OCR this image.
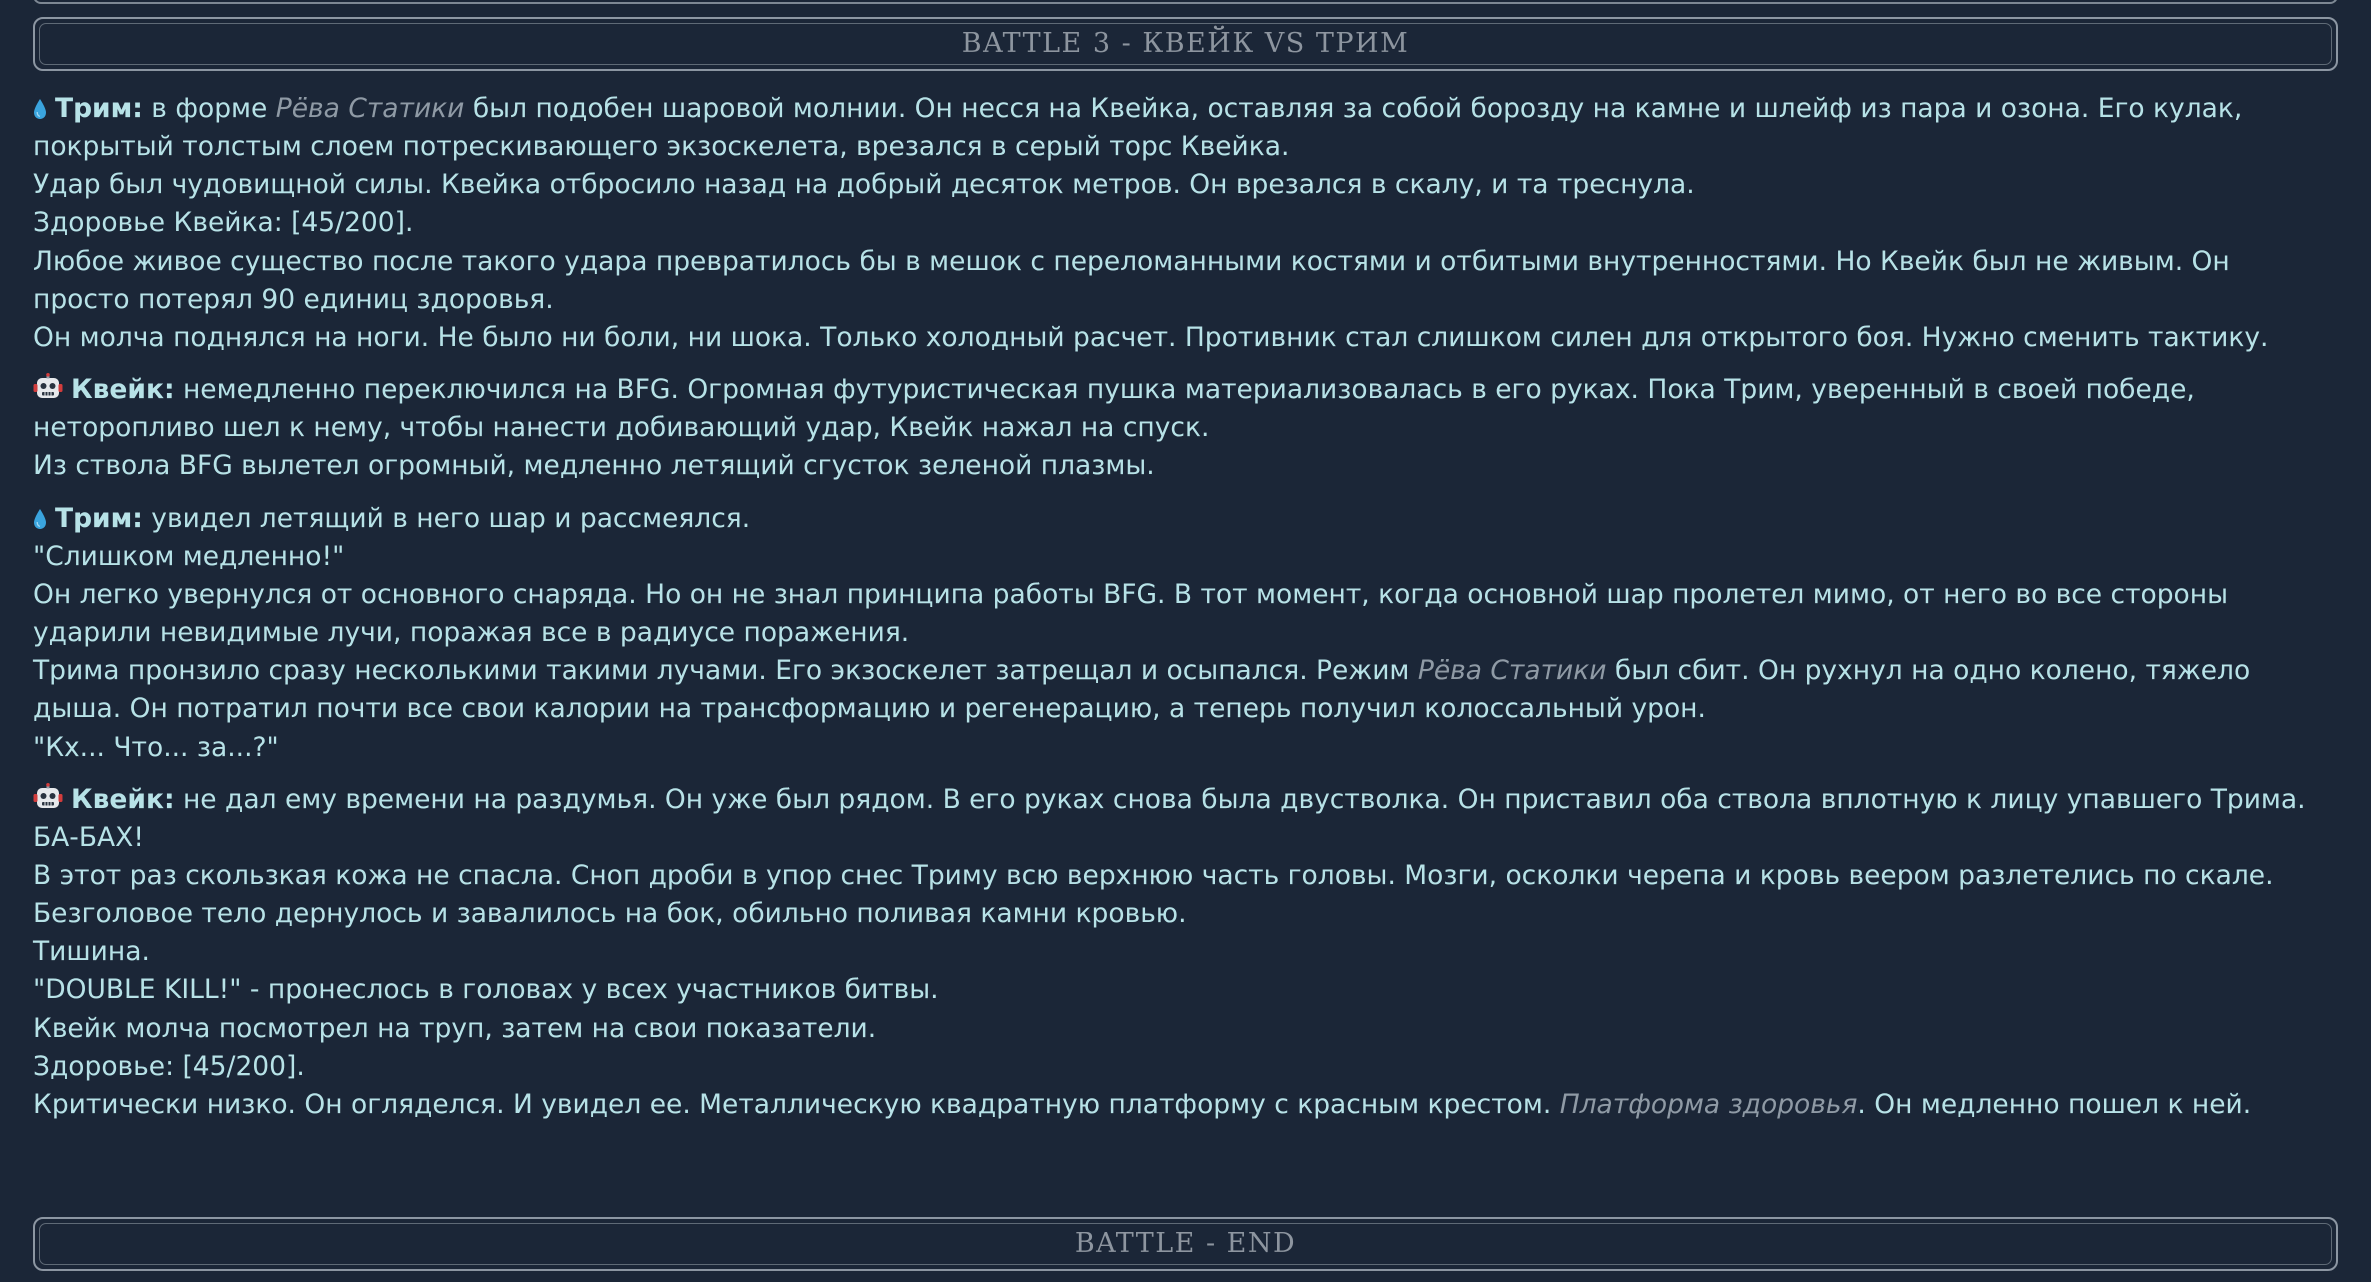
BATTLE 3 - КВЕЙК VS ТРИМ

Трим: в форме Рёва Статики был подобен шаровой молнии. Он несся на Квейка, оставляя за собой борозду на камне и шлейф из пара и озона. Его кулак,

покрытый толстым слоем потрескивающего экзоскелета, врезался в серый торс Квейка.

Удар был чудовищной силы. Квейка отбросило назад на добрый десяток метров. Он врезался в скалу, и та треснула.

Здоровье Квейка: [45/200].

Любое живое существо после такого удара превратилось бы в мешок с переломанными костями и отбитыми внутренностями. Но Квейк был не живым. Он

просто потерял 90 единиц здоровья.

Он молча поднялся на ноги. Не было ни боли, ни шока. Только холодный расчет. Противник стал слишком силен для открытого боя. Нужно сменить тактику.

Квейк: немедленно переключился на BFG. Огромная футуристическая пушка материализовалась в его руках. Пока Трим, уверенный в своей победе,

неторопливо шел к нему, чтобы нанести добивающий удар, Квейк нажал на спуск.

Из ствола BFG вылетел огромный, медленно летящий сгусток зеленой плазмы.

Трим: увидел летящий в него шар и рассмеялся.

"Слишком медленно!"

Он легко увернулся от основного снаряда. Но он не знал принципа работы BFG. В тот момент, когда основной шар пролетел мимо, от него во все стороны

ударили невидимые лучи, поражая все в радиусе поражения.

Трима пронзило сразу несколькими такими лучами. Его экзоскелет затрещал и осыпался. Режим Рёва Статики был сбит. Он рухнул на одно колено, тяжело

дыша. Он потратил почти все свои калории на трансформацию и регенерацию, а теперь получил колоссальный урон.

"Кх... Что... за...?"

Квейк: не дал ему времени на раздумья. Он уже был рядом. В его руках снова была двустволка. Он приставил оба ствола вплотную к лицу упавшего Трима.

БА-БАХ!

В этот раз скользкая кожа не спасла. Сноп дроби в упор снес Триму всю верхнюю часть головы. Мозги, осколки черепа и кровь веером разлетелись по скале.

Безголовое тело дернулось и завалилось на бок, обильно поливая камни кровью.

Тишина.

"DOUBLE KILL!" - пронеслось в головах у всех участников битвы.

Квейк молча посмотрел на труп, затем на свои показатели.

Здоровье: [45/200].

Критически низко. Он огляделся. И увидел ее. Металлическую квадратную платформу с красным крестом. Платформа здоровья. Он медленно пошел к ней.

BATTLE - END
